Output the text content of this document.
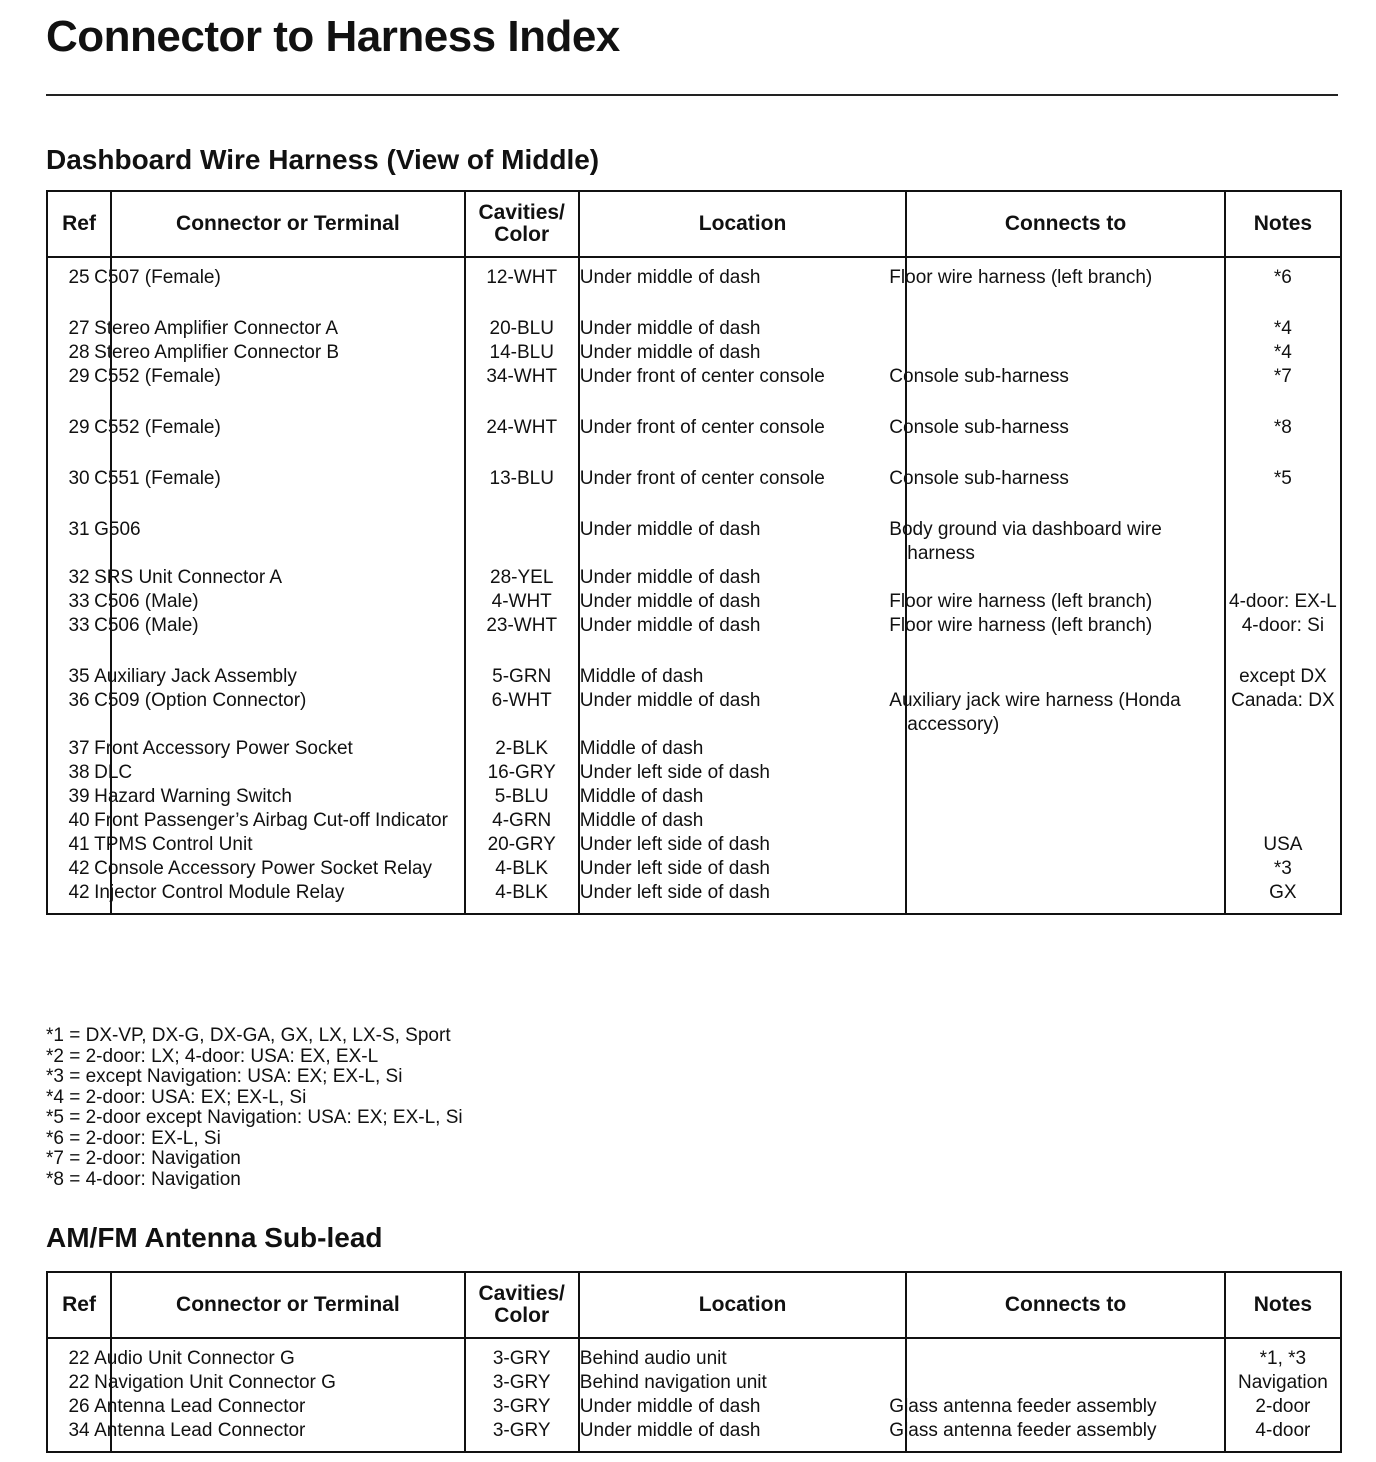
Connector to Harness Index
Dashboard Wire Harness (View of Middle)
Ref	Connector or Terminal	Cavities/ Color	Location	Connects to	Notes
25	C507 (Female)	12-WHT	Under middle of dash	Floor wire harness (left branch)	*6
27	Stereo Amplifier Connector A	20-BLU	Under middle of dash		*4
28	Stereo Amplifier Connector B	14-BLU	Under middle of dash		*4
29	C552 (Female)	34-WHT	Under front of center console	Console sub-harness	*7
29	C552 (Female)	24-WHT	Under front of center console	Console sub-harness	*8
30	C551 (Female)	13-BLU	Under front of center console	Console sub-harness	*5
31	G506		Under middle of dash	Body ground via dashboard wire harness	
32	SRS Unit Connector A	28-YEL	Under middle of dash		
33	C506 (Male)	4-WHT	Under middle of dash	Floor wire harness (left branch)	4-door: EX-L
33	C506 (Male)	23-WHT	Under middle of dash	Floor wire harness (left branch)	4-door: Si
35	Auxiliary Jack Assembly	5-GRN	Middle of dash		except DX
36	C509 (Option Connector)	6-WHT	Under middle of dash	Auxiliary jack wire harness (Honda accessory)	Canada: DX
37	Front Accessory Power Socket	2-BLK	Middle of dash		
38	DLC	16-GRY	Under left side of dash		
39	Hazard Warning Switch	5-BLU	Middle of dash		
40	Front Passenger’s Airbag Cut-off Indicator	4-GRN	Middle of dash		
41	TPMS Control Unit	20-GRY	Under left side of dash		USA
42	Console Accessory Power Socket Relay	4-BLK	Under left side of dash		*3
42	Injector Control Module Relay	4-BLK	Under left side of dash		GX
*1 = DX-VP, DX-G, DX-GA, GX, LX, LX-S, Sport
*2 = 2-door: LX; 4-door: USA: EX, EX-L
*3 = except Navigation: USA: EX; EX-L, Si
*4 = 2-door: USA: EX; EX-L, Si
*5 = 2-door except Navigation: USA: EX; EX-L, Si
*6 = 2-door: EX-L, Si
*7 = 2-door: Navigation
*8 = 4-door: Navigation
AM/FM Antenna Sub-lead
Ref	Connector or Terminal	Cavities/ Color	Location	Connects to	Notes
22	Audio Unit Connector G	3-GRY	Behind audio unit		*1, *3
22	Navigation Unit Connector G	3-GRY	Behind navigation unit		Navigation
26	Antenna Lead Connector	3-GRY	Under middle of dash	Glass antenna feeder assembly	2-door
34	Antenna Lead Connector	3-GRY	Under middle of dash	Glass antenna feeder assembly	4-door
